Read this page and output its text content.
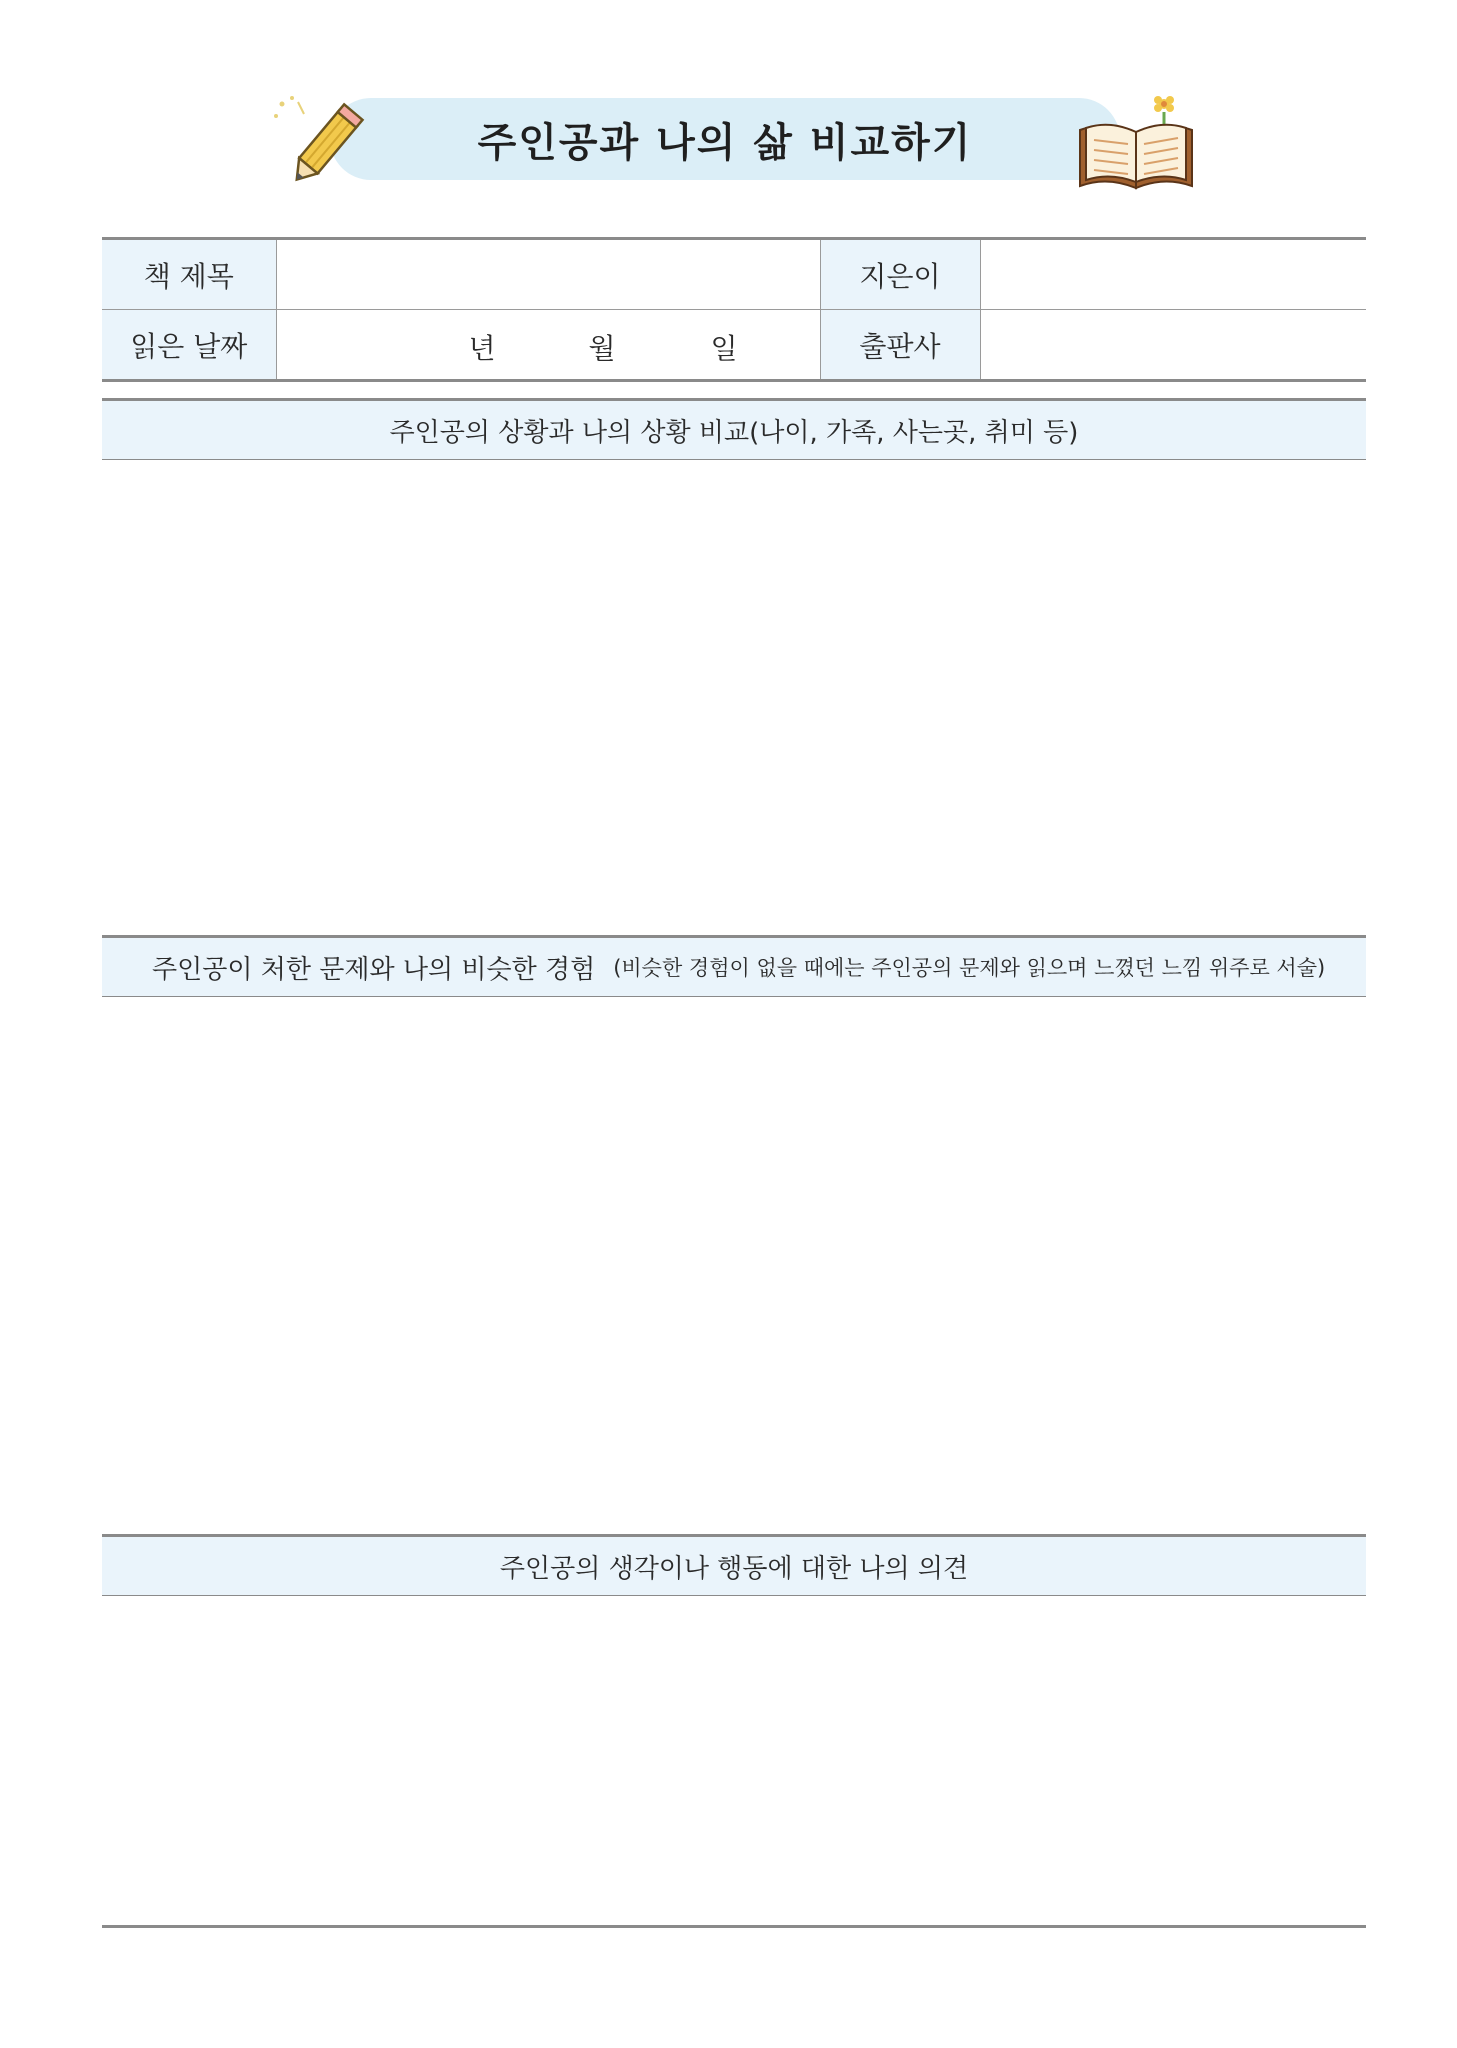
주인공과 나의 삶 비교하기
책 제목		지은이	
읽은 날짜	년 월 일	출판사	
주인공의 상황과 나의 상황 비교(나이, 가족, 사는곳, 취미 등)
주인공이 처한 문제와 나의 비슷한 경험 (비슷한 경험이 없을 때에는 주인공의 문제와 읽으며 느꼈던 느낌 위주로 서술)
주인공의 생각이나 행동에 대한 나의 의견
